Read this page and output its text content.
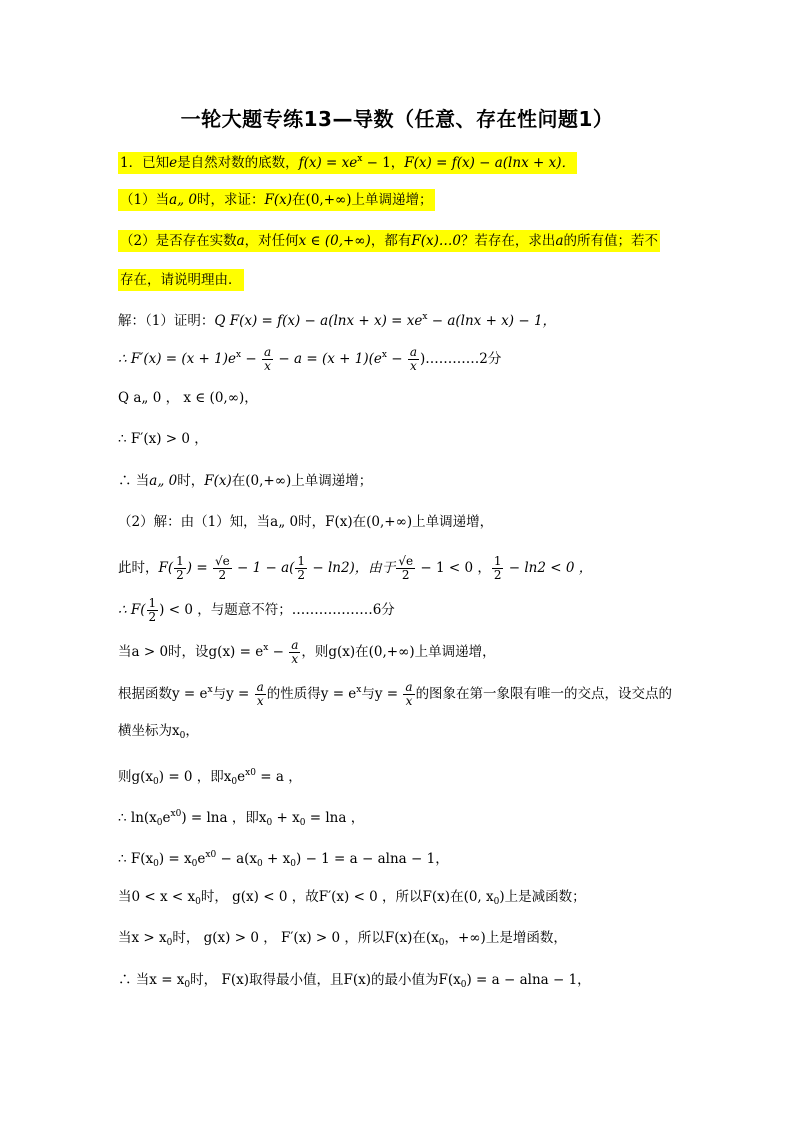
一轮大题专练13—导数（任意、存在性问题1）
1．已知e是自然对数的底数，$f(x) = xe^x - 1$，F(x) = f(x) − a(lnx + x)．
（1）当a„ 0时，求证：F(x)在(0,+∞)上单调递增；
（2）是否存在实数a，对任何x ∈ (0,+∞)，都有F(x)…0？若存在，求出a的所有值；若不
存在，请说明理由．
解：（1）证明：Q $F(x) = f(x) - a(\ln x + x) = xe^x - a(\ln x + x) - 1$，
∴ $F'(x) = (x + 1)e^x - \frac{a}{x} - a = (x + 1)(e^x - \frac{a}{x}$ )…………2分
Q a„ 0 ， x ∈ (0,∞)，
∴ F′(x) > 0 ，
∴ 当a„ 0时，F(x)在(0,+∞)上单调递增；
（2）解：由（1）知，当a„ 0时，F(x)在(0,+∞)上单调递增，
此时，$F( \frac{1}{2}$ ) = $\frac{√e}{2} - 1 - a( \frac{1}{2} - \ln 2)$，由于 $\frac{√e}{2} - 1 < 0$ ， $\frac{1}{2} - \ln 2 < 0$ ，
∴ $F( \frac{1}{2}$ ) < 0 ，与题意不符；………………6分
当a > 0时，设$g(x) = e^x - \frac{a}{x}$ ，则g(x)在(0,+∞)上单调递增，
根据函数$y = e^x$与$y = \frac{a}{x}$ 的性质得$y = e^x$与$y = \frac{a}{x}$ 的图象在第一象限有唯一的交点，设交点的
横坐标为$x_0$，
则$g(x_0) = 0$ ，即$x_0e^{x0} = a$ ，
∴ $\ln(x_0e^{x0}) = \ln a$ ，即$x_0 + x_0 = \ln a$ ，
∴ $F(x_0) = x_0e^{x0} - a(x_0 + x_0) - 1 = a - alna - 1$，
当$0 < x < x_0$时， g(x) < 0 ，故F′(x) < 0 ，所以F(x)在(0, $x_0$)上是减函数；
当$x > x_0$时， g(x) > 0 ， F′(x) > 0 ，所以F(x)在($x_0$，+∞)上是增函数，
∴ 当$x = x_0$时， F(x)取得最小值，且F(x)的最小值为$F(x_0) = a - alna - 1$，
